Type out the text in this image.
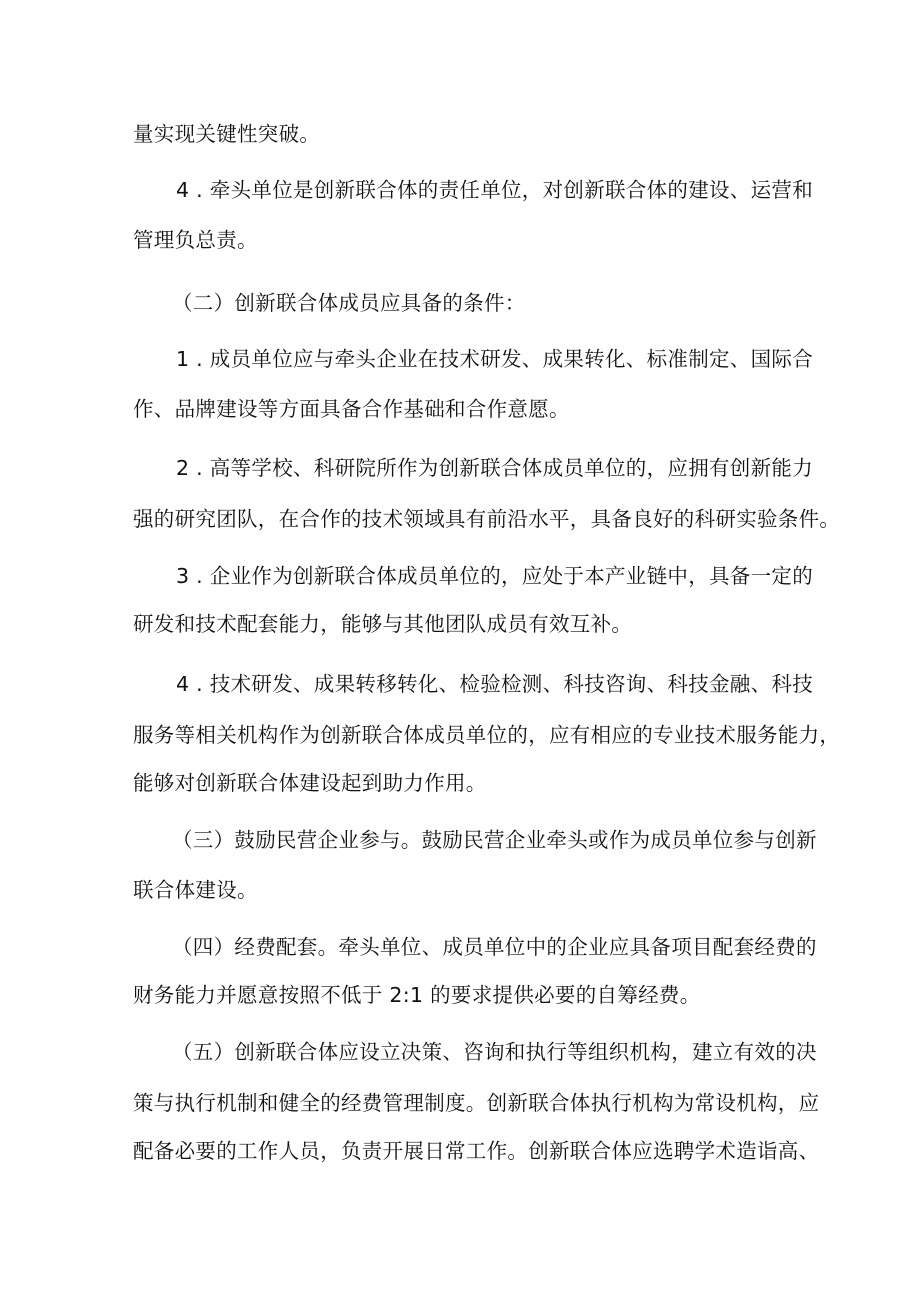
量实现关键性突破。
4 . 牵头单位是创新联合体的责任单位，对创新联合体的建设、运营和
管理负总责。
（二）创新联合体成员应具备的条件：
1 . 成员单位应与牵头企业在技术研发、成果转化、标准制定、国际合
作、品牌建设等方面具备合作基础和合作意愿。
2 . 高等学校、科研院所作为创新联合体成员单位的，应拥有创新能力
强的研究团队，在合作的技术领域具有前沿水平，具备良好的科研实验条件。
3 . 企业作为创新联合体成员单位的，应处于本产业链中，具备一定的
研发和技术配套能力，能够与其他团队成员有效互补。
4 . 技术研发、成果转移转化、检验检测、科技咨询、科技金融、科技
服务等相关机构作为创新联合体成员单位的，应有相应的专业技术服务能力，
能够对创新联合体建设起到助力作用。
（三）鼓励民营企业参与。鼓励民营企业牵头或作为成员单位参与创新
联合体建设。
（四）经费配套。牵头单位、成员单位中的企业应具备项目配套经费的
财务能力并愿意按照不低于 2:1 的要求提供必要的自筹经费。
（五）创新联合体应设立决策、咨询和执行等组织机构，建立有效的决
策与执行机制和健全的经费管理制度。创新联合体执行机构为常设机构，应
配备必要的工作人员，负责开展日常工作。创新联合体应选聘学术造诣高、
